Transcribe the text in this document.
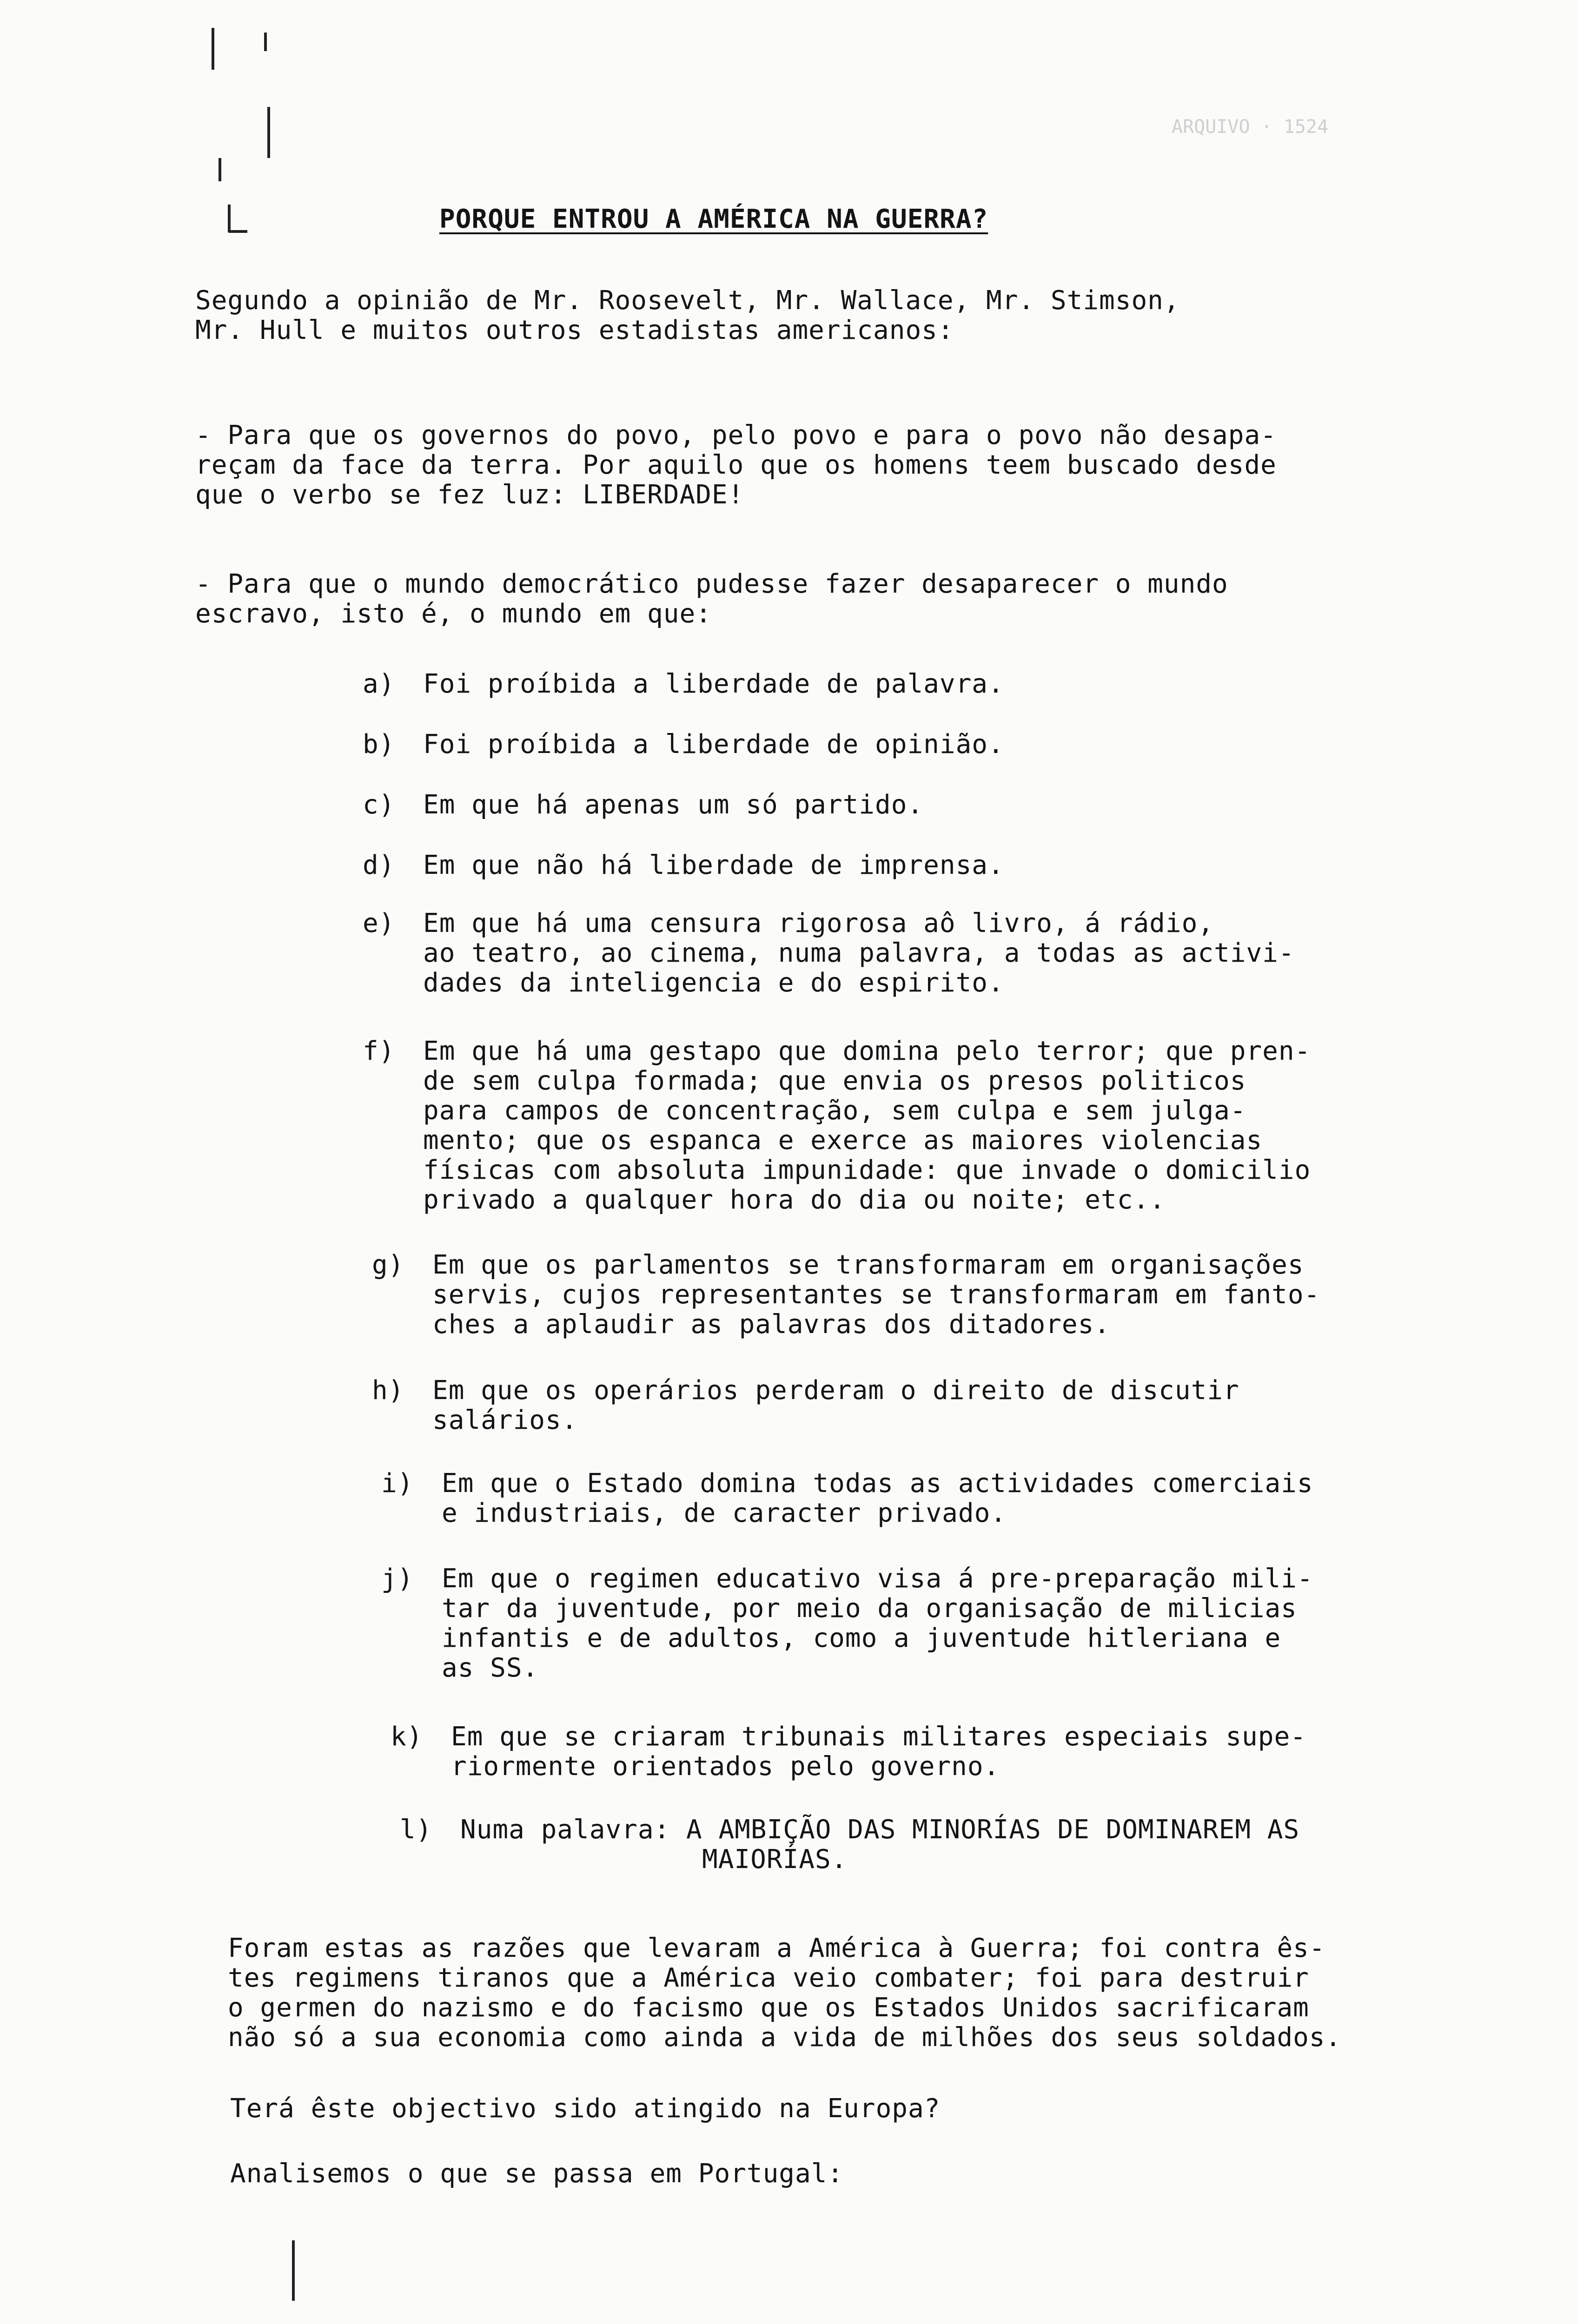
ARQUIVO · 1524
PORQUE ENTROU A AMÉRICA NA GUERRA?
Segundo a opinião de Mr. Roosevelt, Mr. Wallace, Mr. Stimson,
Mr. Hull e muitos outros estadistas americanos:
- Para que os governos do povo, pelo povo e para o povo não desapa-
reçam da face da terra. Por aquilo que os homens teem buscado desde
que o verbo se fez luz: LIBERDADE!
- Para que o mundo democrático pudesse fazer desaparecer o mundo
escravo, isto é, o mundo em que:
a) Foi proíbida a liberdade de palavra.
b) Foi proíbida a liberdade de opinião.
c) Em que há apenas um só partido.
d) Em que não há liberdade de imprensa.
e) Em que há uma censura rigorosa aô livro, á rádio,
ao teatro, ao cinema, numa palavra, a todas as activi-
dades da inteligencia e do espirito.
f) Em que há uma gestapo que domina pelo terror; que pren-
de sem culpa formada; que envia os presos politicos
para campos de concentração, sem culpa e sem julga-
mento; que os espanca e exerce as maiores violencias
físicas com absoluta impunidade: que invade o domicilio
privado a qualquer hora do dia ou noite; etc..
g) Em que os parlamentos se transformaram em organisações
servis, cujos representantes se transformaram em fanto-
ches a aplaudir as palavras dos ditadores.
h) Em que os operários perderam o direito de discutir
salários.
i) Em que o Estado domina todas as actividades comerciais
e industriais, de caracter privado.
j) Em que o regimen educativo visa á pre-preparação mili-
tar da juventude, por meio da organisação de milicias
infantis e de adultos, como a juventude hitleriana e
as SS.
k) Em que se criaram tribunais militares especiais supe-
riormente orientados pelo governo.
l) Numa palavra: A AMBIÇÃO DAS MINORÍAS DE DOMINAREM AS
MAIORÍAS.
Foram estas as razões que levaram a América à Guerra; foi contra ês-
tes regimens tiranos que a América veio combater; foi para destruir
o germen do nazismo e do facismo que os Estados Unidos sacrificaram
não só a sua economia como ainda a vida de milhões dos seus soldados.
Terá êste objectivo sido atingido na Europa?
Analisemos o que se passa em Portugal:
